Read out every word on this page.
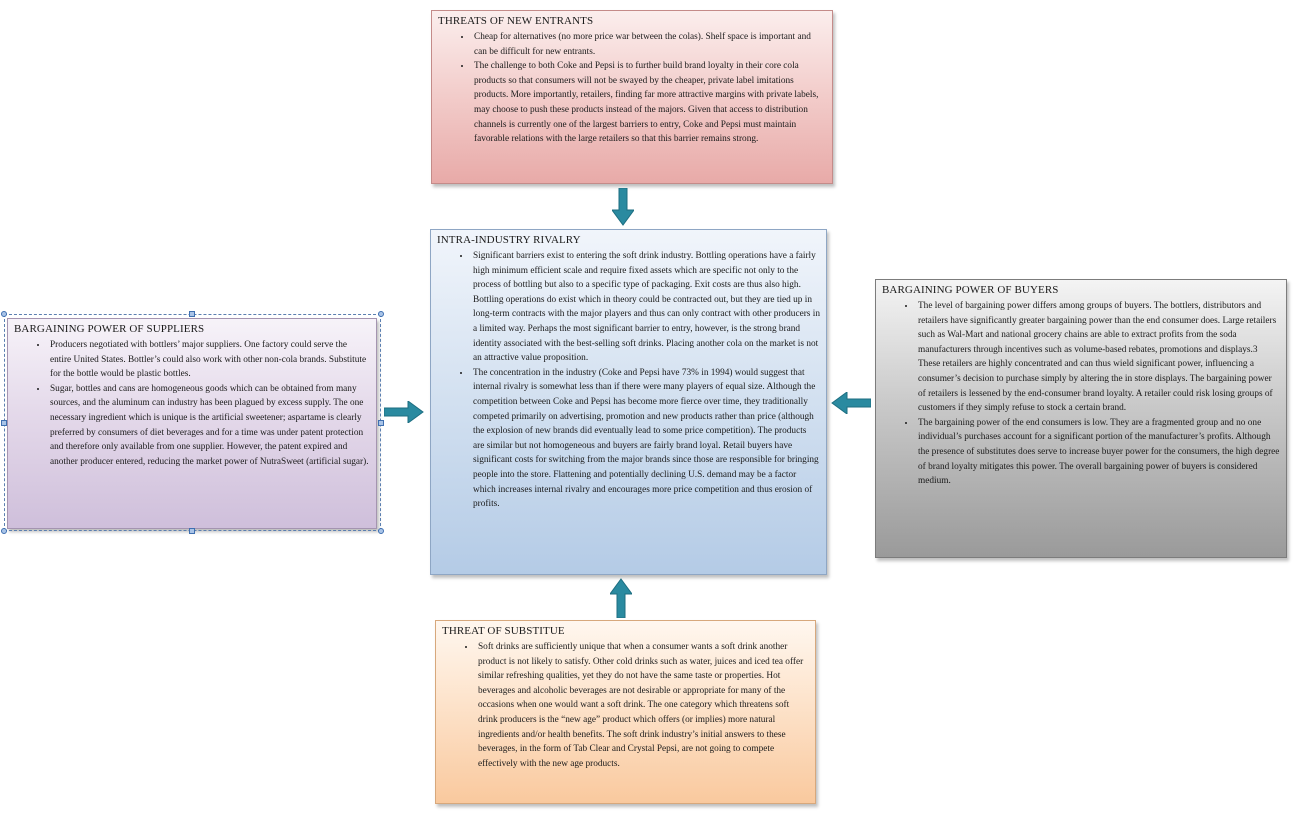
THREATS OF NEW ENTRANTS
• Cheap for alternatives (no more price war between the colas). Shelf space is important and can be difficult for new entrants.
• The challenge to both Coke and Pepsi is to further build brand loyalty in their core cola products so that consumers will not be swayed by the cheaper, private label imitations products. More importantly, retailers, finding far more attractive margins with private labels, may choose to push these products instead of the majors. Given that access to distribution channels is currently one of the largest barriers to entry, Coke and Pepsi must maintain favorable relations with the large retailers so that this barrier remains strong.
INTRA-INDUSTRY RIVALRY
• Significant barriers exist to entering the soft drink industry. Bottling operations have a fairly high minimum efficient scale and require fixed assets which are specific not only to the process of bottling but also to a specific type of packaging. Exit costs are thus also high. Bottling operations do exist which in theory could be contracted out, but they are tied up in long-term contracts with the major players and thus can only contract with other producers in a limited way. Perhaps the most significant barrier to entry, however, is the strong brand identity associated with the best-selling soft drinks. Placing another cola on the market is not an attractive value proposition.
• The concentration in the industry (Coke and Pepsi have 73% in 1994) would suggest that internal rivalry is somewhat less than if there were many players of equal size. Although the competition between Coke and Pepsi has become more fierce over time, they traditionally competed primarily on advertising, promotion and new products rather than price (although the explosion of new brands did eventually lead to some price competition). The products are similar but not homogeneous and buyers are fairly brand loyal. Retail buyers have significant costs for switching from the major brands since those are responsible for bringing people into the store. Flattening and potentially declining U.S. demand may be a factor which increases internal rivalry and encourages more price competition and thus erosion of profits.
BARGAINING POWER OF SUPPLIERS
• Producers negotiated with bottlers’ major suppliers. One factory could serve the entire United States. Bottler’s could also work with other non-cola brands. Substitute for the bottle would be plastic bottles.
• Sugar, bottles and cans are homogeneous goods which can be obtained from many sources, and the aluminum can industry has been plagued by excess supply. The one necessary ingredient which is unique is the artificial sweetener; aspartame is clearly preferred by consumers of diet beverages and for a time was under patent protection and therefore only available from one supplier. However, the patent expired and another producer entered, reducing the market power of NutraSweet (artificial sugar).
BARGAINING POWER OF BUYERS
• The level of bargaining power differs among groups of buyers. The bottlers, distributors and retailers have significantly greater bargaining power than the end consumer does. Large retailers such as Wal-Mart and national grocery chains are able to extract profits from the soda manufacturers through incentives such as volume-based rebates, promotions and displays.3 These retailers are highly concentrated and can thus wield significant power, influencing a consumer’s decision to purchase simply by altering the in store displays. The bargaining power of retailers is lessened by the end-consumer brand loyalty. A retailer could risk losing groups of customers if they simply refuse to stock a certain brand.
• The bargaining power of the end consumers is low. They are a fragmented group and no one individual’s purchases account for a significant portion of the manufacturer’s profits. Although the presence of substitutes does serve to increase buyer power for the consumers, the high degree of brand loyalty mitigates this power. The overall bargaining power of buyers is considered medium.
THREAT OF SUBSTITUE
• Soft drinks are sufficiently unique that when a consumer wants a soft drink another product is not likely to satisfy. Other cold drinks such as water, juices and iced tea offer similar refreshing qualities, yet they do not have the same taste or properties. Hot beverages and alcoholic beverages are not desirable or appropriate for many of the occasions when one would want a soft drink. The one category which threatens soft drink producers is the “new age” product which offers (or implies) more natural ingredients and/or health benefits. The soft drink industry’s initial answers to these beverages, in the form of Tab Clear and Crystal Pepsi, are not going to compete effectively with the new age products.
